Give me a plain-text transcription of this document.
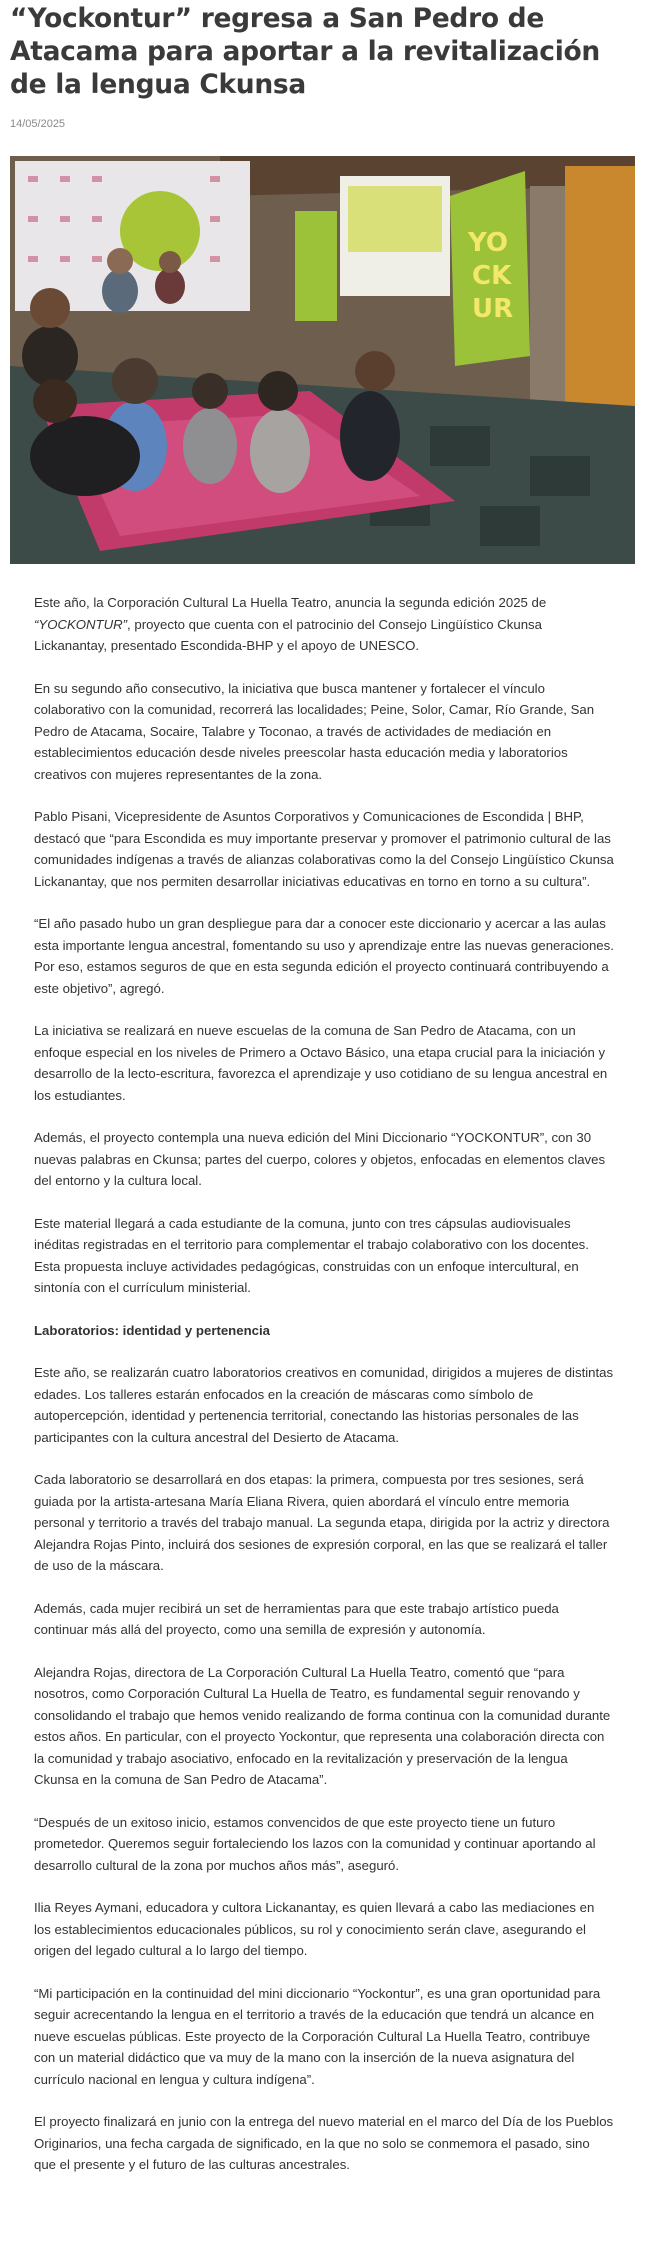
“Yockontur” regresa a San Pedro de Atacama para aportar a la revitalización de la lengua Ckunsa
14/05/2025
YO
CK
UR

Este año, la Corporación Cultural La Huella Teatro, anuncia la segunda edición 2025 de “YOCKONTUR”, proyecto que cuenta con el patrocinio del Consejo Lingüístico Ckunsa Lickanantay, presentado Escondida-BHP y el apoyo de UNESCO.

En su segundo año consecutivo, la iniciativa que busca mantener y fortalecer el vínculo colaborativo con la comunidad, recorrerá las localidades; Peine, Solor, Camar, Río Grande, San Pedro de Atacama, Socaire, Talabre y Toconao, a través de actividades de mediación en establecimientos educación desde niveles preescolar hasta educación media y laboratorios creativos con mujeres representantes de la zona.

Pablo Pisani, Vicepresidente de Asuntos Corporativos y Comunicaciones de Escondida | BHP, destacó que “para Escondida es muy importante preservar y promover el patrimonio cultural de las comunidades indígenas a través de alianzas colaborativas como la del Consejo Lingüístico Ckunsa Lickanantay, que nos permiten desarrollar iniciativas educativas en torno en torno a su cultura”.

“El año pasado hubo un gran despliegue para dar a conocer este diccionario y acercar a las aulas esta importante lengua ancestral, fomentando su uso y aprendizaje entre las nuevas generaciones. Por eso, estamos seguros de que en esta segunda edición el proyecto continuará contribuyendo a este objetivo”, agregó.

La iniciativa se realizará en nueve escuelas de la comuna de San Pedro de Atacama, con un enfoque especial en los niveles de Primero a Octavo Básico, una etapa crucial para la iniciación y desarrollo de la lecto-escritura, favorezca el aprendizaje y uso cotidiano de su lengua ancestral en los estudiantes.

Además, el proyecto contempla una nueva edición del Mini Diccionario “YOCKONTUR”, con 30 nuevas palabras en Ckunsa; partes del cuerpo, colores y objetos, enfocadas en elementos claves del entorno y la cultura local.

Este material llegará a cada estudiante de la comuna, junto con tres cápsulas audiovisuales inéditas registradas en el territorio para complementar el trabajo colaborativo con los docentes. Esta propuesta incluye actividades pedagógicas, construidas con un enfoque intercultural, en sintonía con el currículum ministerial.

Laboratorios: identidad y pertenencia

Este año, se realizarán cuatro laboratorios creativos en comunidad, dirigidos a mujeres de distintas edades. Los talleres estarán enfocados en la creación de máscaras como símbolo de autopercepción, identidad y pertenencia territorial, conectando las historias personales de las participantes con la cultura ancestral del Desierto de Atacama.

Cada laboratorio se desarrollará en dos etapas: la primera, compuesta por tres sesiones, será guiada por la artista-artesana María Eliana Rivera, quien abordará el vínculo entre memoria personal y territorio a través del trabajo manual. La segunda etapa, dirigida por la actriz y directora Alejandra Rojas Pinto, incluirá dos sesiones de expresión corporal, en las que se realizará el taller de uso de la máscara.

Además, cada mujer recibirá un set de herramientas para que este trabajo artístico pueda continuar más allá del proyecto, como una semilla de expresión y autonomía.

Alejandra Rojas, directora de La Corporación Cultural La Huella Teatro, comentó que “para nosotros, como Corporación Cultural La Huella de Teatro, es fundamental seguir renovando y consolidando el trabajo que hemos venido realizando de forma continua con la comunidad durante estos años. En particular, con el proyecto Yockontur, que representa una colaboración directa con la comunidad y trabajo asociativo, enfocado en la revitalización y preservación de la lengua Ckunsa en la comuna de San Pedro de Atacama”.

“Después de un exitoso inicio, estamos convencidos de que este proyecto tiene un futuro prometedor. Queremos seguir fortaleciendo los lazos con la comunidad y continuar aportando al desarrollo cultural de la zona por muchos años más”, aseguró.

Ilia Reyes Aymani, educadora y cultora Lickanantay, es quien llevará a cabo las mediaciones en los establecimientos educacionales públicos, su rol y conocimiento serán clave, asegurando el origen del legado cultural a lo largo del tiempo.

“Mi participación en la continuidad del mini diccionario “Yockontur”, es una gran oportunidad para seguir acrecentando la lengua en el territorio a través de la educación que tendrá un alcance en nueve escuelas públicas. Este proyecto de la Corporación Cultural La Huella Teatro, contribuye con un material didáctico que va muy de la mano con la inserción de la nueva asignatura del currículo nacional en lengua y cultura indígena”.

El proyecto finalizará en junio con la entrega del nuevo material en el marco del Día de los Pueblos Originarios, una fecha cargada de significado, en la que no solo se conmemora el pasado, sino que el presente y el futuro de las culturas ancestrales.
